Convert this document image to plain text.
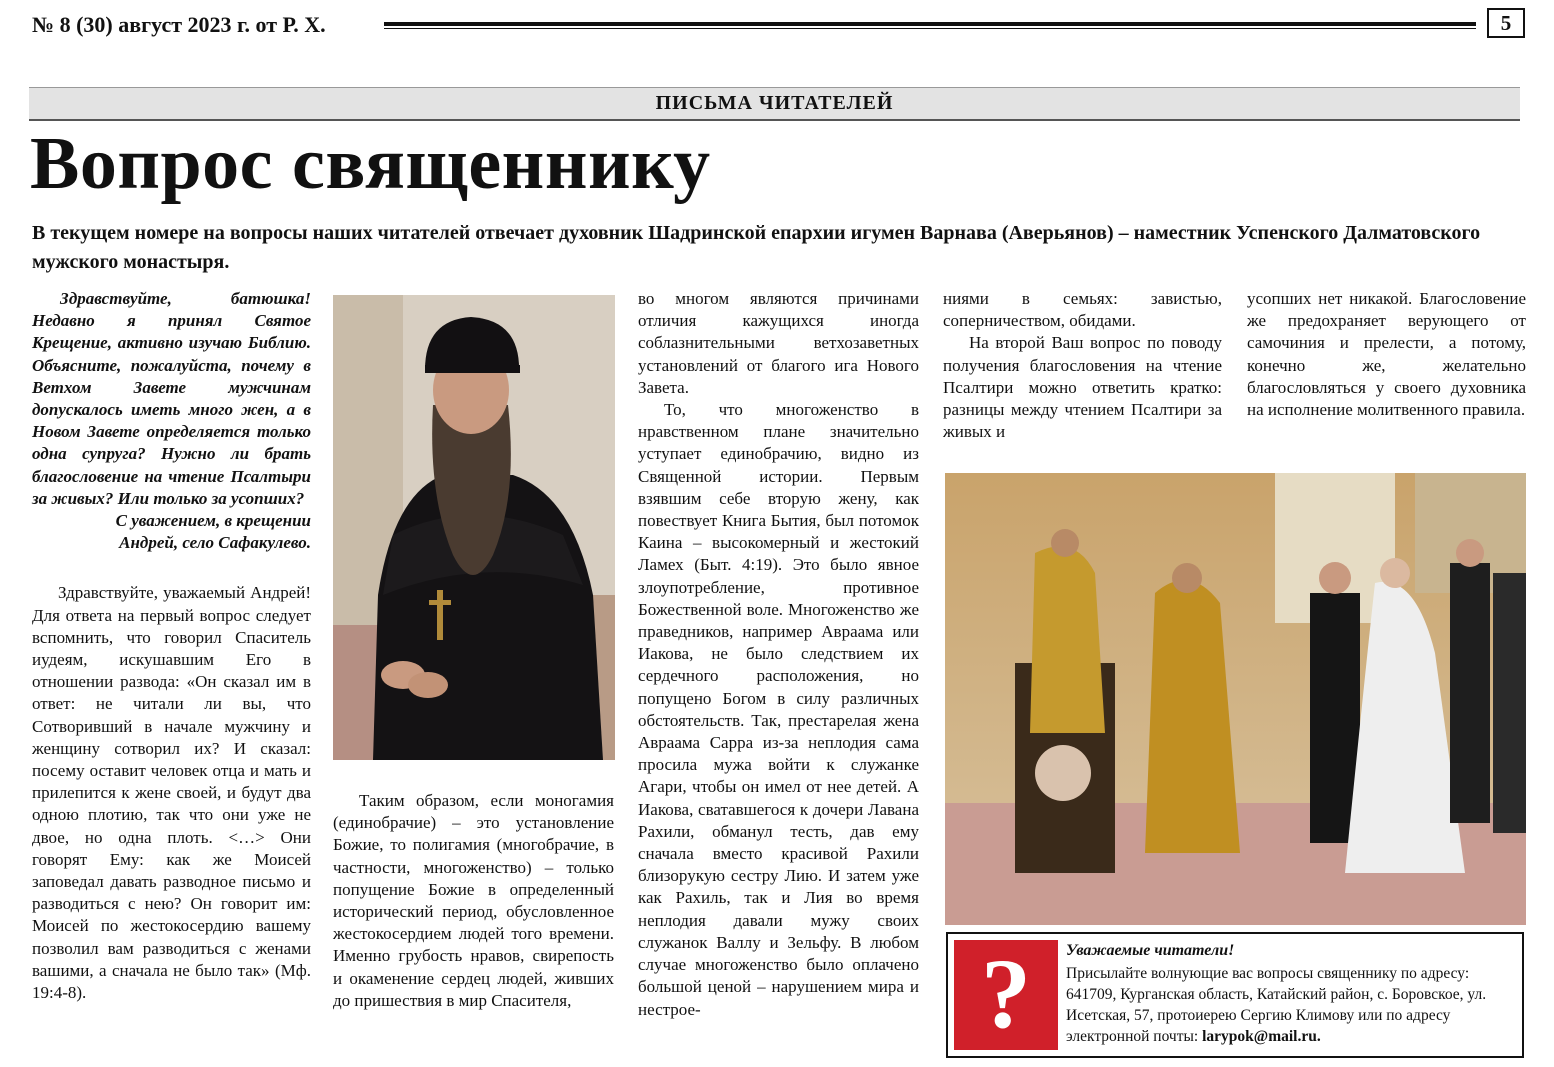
№ 8 (30) август 2023 г. от Р. Х.	5
ПИСЬМА ЧИТАТЕЛЕЙ
Вопрос священнику
В текущем номере на вопросы наших читателей отвечает духовник Шадринской епархии игумен Варнава (Аверьянов) – наместник Успенского Далматовского мужского монастыря.

Здравствуйте, батюшка! Недавно я принял Святое Крещение, активно изучаю Библию. Объясните, пожалуйста, почему в Ветхом Завете мужчинам допускалось иметь много жен, а в Новом Завете определяется только одна супруга? Нужно ли брать благословение на чтение Псалтыри за живых? Или только за усопших?

С уважением, в крещении
Андрей, село Сафакулево.

Здравствуйте, уважаемый Андрей! Для ответа на первый вопрос следует вспомнить, что говорил Спаситель иудеям, искушавшим Его в отношении развода: «Он сказал им в ответ: не читали ли вы, что Сотворивший в начале мужчину и женщину сотворил их? И сказал: посему оставит человек отца и мать и прилепится к жене своей, и будут два одною плотию, так что они уже не двое, но одна плоть. <…> Они говорят Ему: как же Моисей заповедал давать разводное письмо и разводиться с нею? Он говорит им: Моисей по жестокосердию вашему позволил вам разводиться с женами вашими, а сначала не было так» (Мф. 19:4-8).

Таким образом, если моногамия (единобрачие) – это установление Божие, то полигамия (многобрачие, в частности, многоженство) – только попущение Божие в определенный исторический период, обусловленное жестокосердием людей того времени. Именно грубость нравов, свирепость и окаменение сердец людей, живших до пришествия в мир Спасителя,

во многом являются причинами отличия кажущихся иногда соблазнительными ветхозаветных установлений от благого ига Нового Завета.

То, что многоженство в нравственном плане значительно уступает единобрачию, видно из Священной истории. Первым взявшим себе вторую жену, как повествует Книга Бытия, был потомок Каина – высокомерный и жестокий Ламех (Быт. 4:19). Это было явное злоупотребление, противное Божественной воле. Многоженство же праведников, например Авраама или Иакова, не было следствием их сердечного расположения, но попущено Богом в силу различных обстоятельств. Так, престарелая жена Авраама Сарра из-за неплодия сама просила мужа войти к служанке Агари, чтобы он имел от нее детей. А Иакова, сватавшегося к дочери Лавана Рахили, обманул тесть, дав ему сначала вместо красивой Рахили близорукую сестру Лию. И затем уже как Рахиль, так и Лия во время неплодия давали мужу своих служанок Валлу и Зельфу. В любом случае многоженство было оплачено большой ценой – нарушением мира и нестрое-

ниями в семьях: завистью, соперничеством, обидами.

На второй Ваш вопрос по поводу получения благословения на чтение Псалтири можно ответить кратко: разницы между чтением Псалтири за живых и

усопших нет никакой. Благословение же предохраняет верующего от самочиния и прелести, а потому, конечно же, желательно благословляться у своего духовника на исполнение молитвенного правила.

?	Уважаемые читатели!
Присылайте волнующие вас вопросы священнику по адресу: 641709, Курганская область, Катайский район, с. Боровское, ул. Исетская, 57, протоиерею Сергию Климову или по адресу электронной почты: larypok@mail.ru.
